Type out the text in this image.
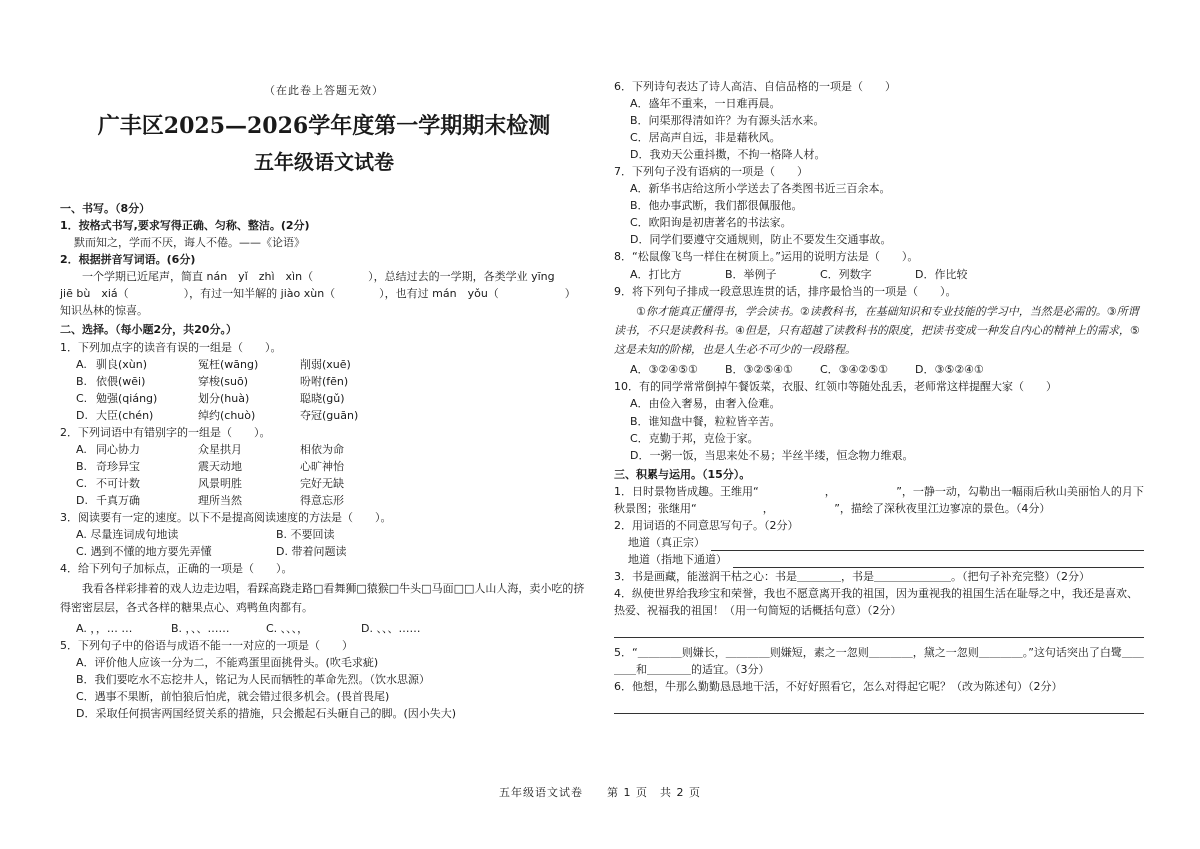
（在此卷上答题无效）
广丰区2025—2026学年度第一学期期末检测
五年级语文试卷
一、书写。（8分）
1．按格式书写,要求写得正确、匀称、整洁。(2分)
默而知之，学而不厌，诲人不倦。——《论语》
2．根据拼音写词语。(6分)
一个学期已近尾声，简直 nán　yǐ　zhì　xìn（　　　　　），总结过去的一学期，各类学业 yīng
jiē bù　xiá（　　　　　），有过一知半解的 jiào xùn（　　　　），也有过 mán　yǒu（　　　　　　）
知识丛林的惊喜。
二、选择。（每小题2分，共20分。）
1．下列加点字的读音有误的一组是（　　）。
A. 驯良(xùn)	冤枉(wāng)	削弱(xuē)
B. 依偎(wēi)	穿梭(suō)	吩咐(fēn)
C. 勉强(qiáng)	划分(huà)	聪晓(gǔ)
D. 大臣(chén)	绰约(chuò)	夺冠(guān)
2．下列词语中有错别字的一组是（　　）。
A. 同心协力	众星拱月	相依为命
B. 奇珍异宝	震天动地	心旷神怡
C. 不可计数	风景明胜	完好无缺
D. 千真万确	理所当然	得意忘形
3．阅读要有一定的速度。以下不是提高阅读速度的方法是（　　）。
A. 尽量连词成句地读	B. 不要回读
C. 遇到不懂的地方要先弄懂	D. 带着问题读
4．给下列句子加标点，正确的一项是（　　）。
我看各样彩排着的戏人边走边唱，看踩高跷走路□看舞狮□猿猴□牛头□马面□□人山人海，卖小吃的挤得密密层层，各式各样的糖果点心、鸡鸭鱼肉都有。
A. ，，… …	B. ，、、……	C. 、、、，	D. 、、、……
5．下列句子中的俗语与成语不能一一对应的一项是（　　）
A．评价他人应该一分为二，不能鸡蛋里面挑骨头。(吹毛求疵)
B．我们要吃水不忘挖井人，铭记为人民而牺牲的革命先烈。（饮水思源）
C．遇事不果断，前怕狼后怕虎，就会错过很多机会。(畏首畏尾)
D．采取任何损害两国经贸关系的措施，只会搬起石头砸自己的脚。(因小失大)
6．下列诗句表达了诗人高洁、自信品格的一项是（　　）
A．盛年不重来，一日难再晨。
B．问渠那得清如许？为有源头活水来。
C．居高声自远，非是藉秋风。
D．我劝天公重抖擞，不拘一格降人材。
7．下列句子没有语病的一项是（　　）
A．新华书店给这所小学送去了各类图书近三百余本。
B．他办事武断，我们都很佩服他。
C．欧阳询是初唐著名的书法家。
D．同学们要遵守交通规则，防止不要发生交通事故。
8．“松鼠像飞鸟一样住在树顶上。”运用的说明方法是（　　）。
A．打比方	B．举例子	C．列数字	D．作比较
9．将下列句子排成一段意思连贯的话，排序最恰当的一项是（　　）。
①你才能真正懂得书，学会读书。②读教科书，在基础知识和专业技能的学习中，当然是必需的。③所谓读书，不只是读教科书。④但是，只有超越了读教科书的限度，把读书变成一种发自内心的精神上的需求，⑤这是未知的阶梯，也是人生必不可少的一段路程。
A．③②④⑤①	B．③②⑤④①	C．③④②⑤①	D．③⑤②④①
10．有的同学常常倒掉午餐饭菜，衣服、红领巾等随处乱丢，老师常这样提醒大家（　　）
A．由俭入奢易，由奢入俭难。
B．谁知盘中餐，粒粒皆辛苦。
C．克勤于邦，克俭于家。
D．一粥一饭，当思来处不易；半丝半缕，恒念物力维艰。
三、积累与运用。（15分）。
1．日时景物皆成趣。王维用“　　　　　　，　　　　　　”，一静一动，勾勒出一幅雨后秋山美丽怡人的月下秋景图；张继用“　　　　　　，　　　　　　”，描绘了深秋夜里江边寥凉的景色。（4分）
2．用词语的不同意思写句子。（2分）
地道（真正宗）
地道（指地下通道）
3．书是画藏，能滋润干枯之心：书是＿＿＿＿，书是＿＿＿＿＿＿＿。（把句子补充完整）（2分）
4．纵使世界给我珍宝和荣誉，我也不愿意离开我的祖国，因为重视我的祖国生活在耻辱之中，我还是喜欢、热爱、祝福我的祖国！（用一句简短的话概括句意）（2分）
5．“＿＿＿＿则嫌长，＿＿＿＿则嫌短，素之一忽则＿＿＿＿，黛之一忽则＿＿＿＿。”这句话突出了白鹭＿＿＿＿和＿＿＿＿的适宜。（3分）
6．他想，牛那么勤勤恳恳地干活，不好好照看它，怎么对得起它呢？（改为陈述句）（2分）
五年级语文试卷　　第 1 页　共 2 页
